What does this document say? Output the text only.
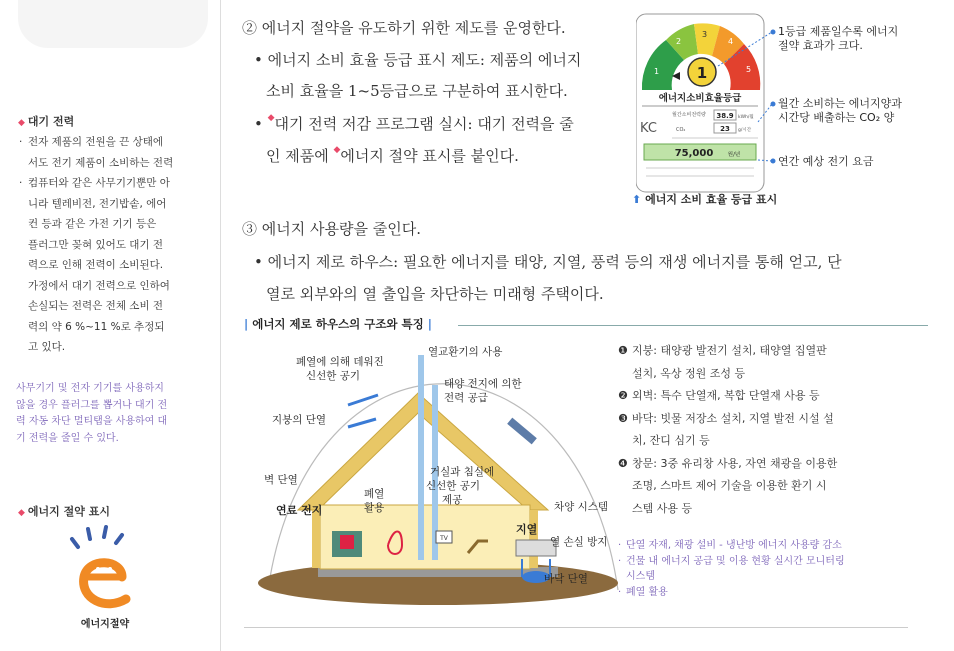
◆ 대기 전력
· 전자 제품의 전원을 끈 상태에
서도 전기 제품이 소비하는 전력
· 컴퓨터와 같은 사무기기뿐만 아
니라 텔레비전, 전기밥솥, 에어
컨 등과 같은 가전 기기 등은
플러그만 꽂혀 있어도 대기 전
력으로 인해 전력이 소비된다.
가정에서 대기 전력으로 인하여
손실되는 전력은 전체 소비 전
력의 약 6 %~11 %로 추정되
고 있다.
사무기기 및 전자 기기를 사용하지
않을 경우 플러그를 뽑거나 대기 전
력 자동 차단 멀티탭을 사용하여 대
기 전력을 줄일 수 있다.
◆ 에너지 절약 표시
에너지절약
② 에너지 절약을 유도하기 위한 제도를 운영한다.
• 에너지 소비 효율 등급 표시 제도: 제품의 에너지
소비 효율을 1~5등급으로 구분하여 표시한다.
• ◆대기 전력 저감 프로그램 실시: 대기 전력을 줄
인 제품에 ◆에너지 절약 표시를 붙인다.
1
2
3
4
5
1
에너지소비효율등급
KC
월간소비전력량 38.9 kWh/월
CO₂	23 g/시간
75,000	원/년
1등급 제품일수록 에너지
절약 효과가 크다.
월간 소비하는 에너지양과
시간당 배출하는 CO₂ 양
연간 예상 전기 요금
⬆ 에너지 소비 효율 등급 표시
③ 에너지 사용량을 줄인다.
• 에너지 제로 하우스: 필요한 에너지를 태양, 지열, 풍력 등의 재생 에너지를 통해 얻고, 단
열로 외부와의 열 출입을 차단하는 미래형 주택이다.
| 에너지 제로 하우스의 구조와 특징 |
TV
폐열에 의해 데워진
신선한 공기
열교환기의 사용
태양 전지에 의한
전력 공급
지붕의 단열
벽 단열
연료 전지
폐열
활용
거실과 침실에
신선한 공기
제공
차양 시스템
지열
열 손실 방지
바닥 단열
❶ 지붕: 태양광 발전기 설치, 태양열 집열판
설치, 옥상 정원 조성 등
❷ 외벽: 특수 단열재, 복합 단열재 사용 등
❸ 바닥: 빗물 저장소 설치, 지열 발전 시설 설
치, 잔디 심기 등
❹ 창문: 3중 유리창 사용, 자연 채광을 이용한
조명, 스마트 제어 기술을 이용한 환기 시
스템 사용 등
· 단열 자재, 채광 설비 - 냉난방 에너지 사용량 감소
· 건물 내 에너지 공급 및 이용 현황 실시간 모니터링
시스템
· 폐열 활용
